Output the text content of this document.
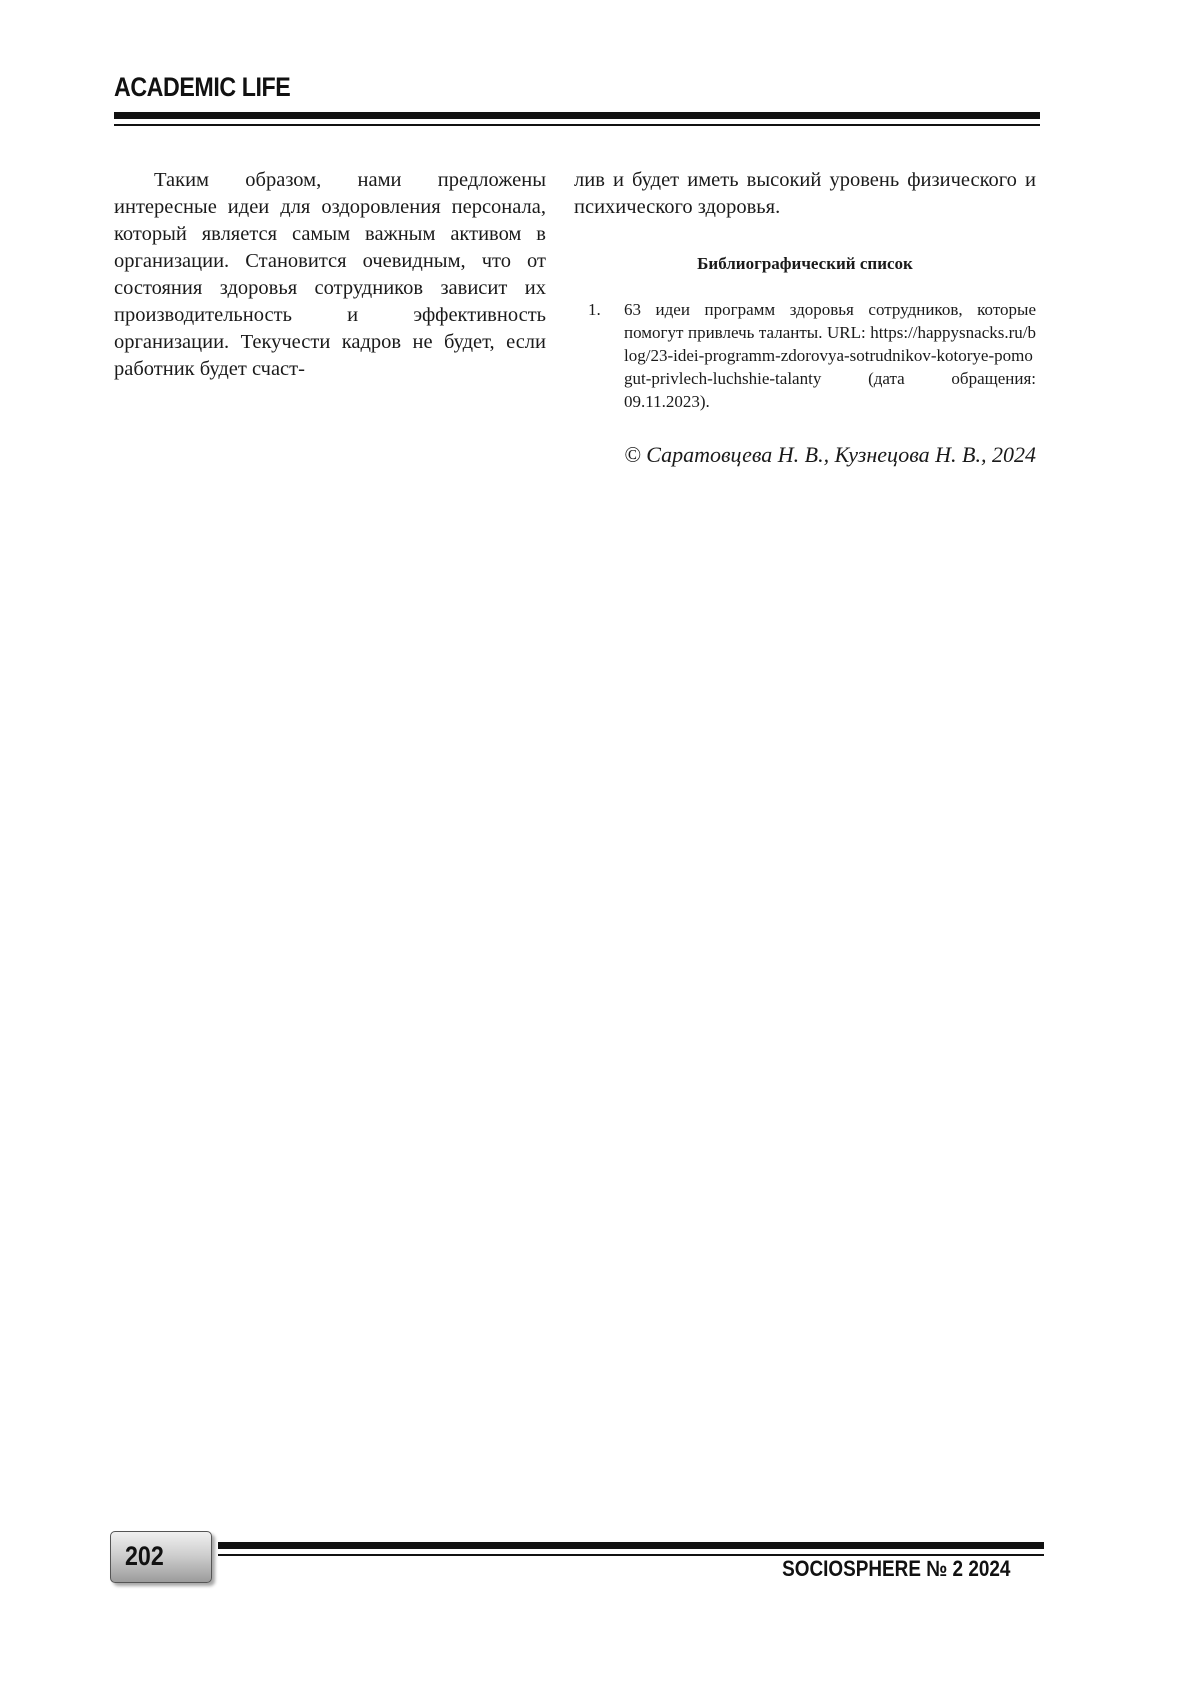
ACADEMIC LIFE

Таким образом, нами предложены интересные идеи для оздоровления персонала, который является самым важным активом в организации. Становится очевидным, что от состояния здоровья сотрудников зависит их производительность и эффективность организации. Текучести кадров не будет, если работник будет счаст-

лив и будет иметь высокий уровень физического и психического здоровья.

Библиографический список
1. 63 идеи программ здоровья сотрудников, которые помогут привлечь таланты. URL: https://happysnacks.ru/blog/23-idei-programm-zdorovya-sotrudnikov-kotorye-pomogut-privlech-luchshie-talanty	(дата обращения: 09.11.2023).

© Саратовцева Н. В., Кузнецова Н. В., 2024

202	SOCIOSPHERE № 2 2024
